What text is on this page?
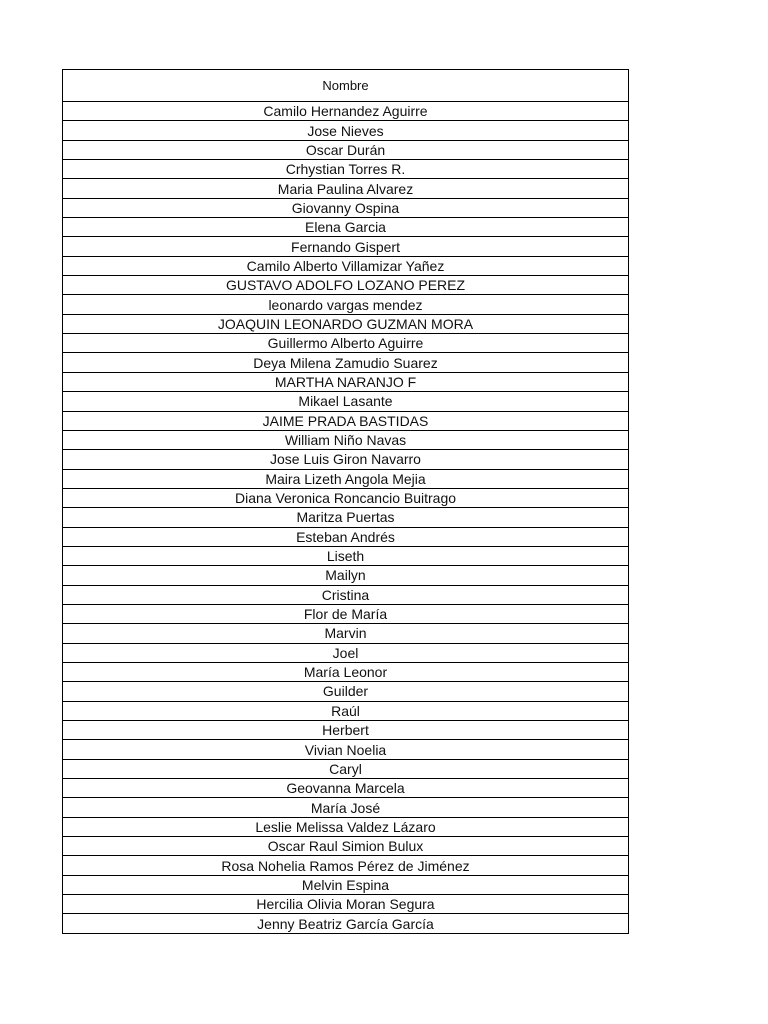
Nombre
Camilo Hernandez Aguirre
Jose Nieves
Oscar Durán
Crhystian Torres R.
Maria Paulina Alvarez
Giovanny Ospina
Elena Garcia
Fernando Gispert
Camilo Alberto Villamizar Yañez
GUSTAVO ADOLFO LOZANO PEREZ
leonardo vargas mendez
JOAQUIN LEONARDO GUZMAN MORA
Guillermo Alberto Aguirre
Deya Milena Zamudio Suarez
MARTHA NARANJO F
Mikael Lasante
JAIME PRADA BASTIDAS
William Niño Navas
Jose Luis Giron Navarro
Maira Lizeth Angola Mejia
Diana Veronica Roncancio Buitrago
Maritza Puertas
Esteban Andrés
Liseth
Mailyn
Cristina
Flor de María
Marvin
Joel
María Leonor
Guilder
Raúl
Herbert
Vivian Noelia
Caryl
Geovanna Marcela
María José
Leslie Melissa Valdez Lázaro
Oscar Raul Simion Bulux
Rosa Nohelia Ramos Pérez de Jiménez
Melvin Espina
Hercilia Olivia Moran Segura
Jenny Beatriz García García
